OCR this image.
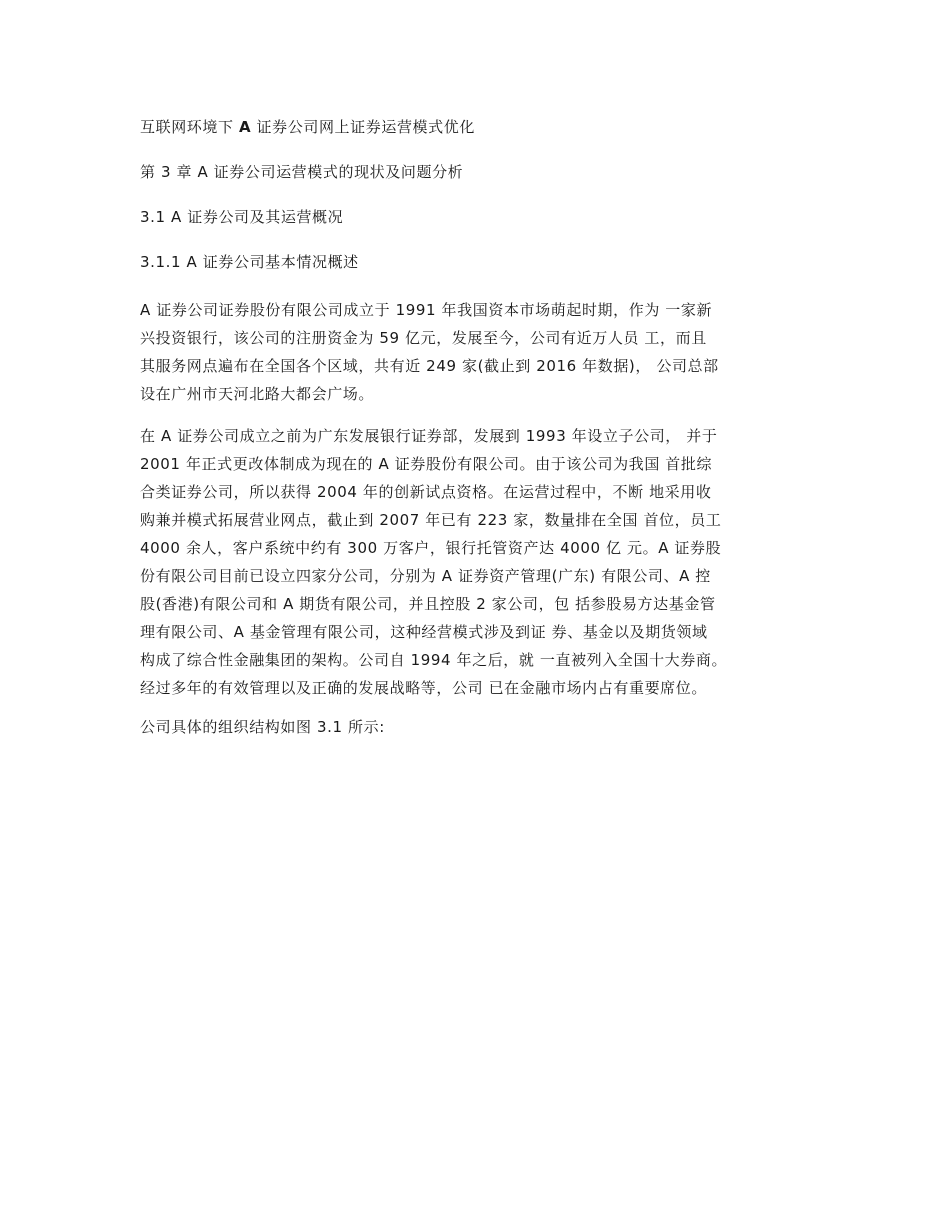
互联网环境下 A 证券公司网上证券运营模式优化

第 3 章 A 证券公司运营模式的现状及问题分析

3.1 A 证券公司及其运营概况

3.1.1 A 证券公司基本情况概述

A 证券公司证券股份有限公司成立于 1991 年我国资本市场萌起时期，作为 一家新
兴投资银行，该公司的注册资金为 59 亿元，发展至今，公司有近万人员 工，而且
其服务网点遍布在全国各个区域，共有近 249 家(截止到 2016 年数据)， 公司总部
设在广州市天河北路大都会广场。
在 A 证券公司成立之前为广东发展银行证券部，发展到 1993 年设立子公司， 并于
2001 年正式更改体制成为现在的 A 证券股份有限公司。由于该公司为我国 首批综
合类证券公司，所以获得 2004 年的创新试点资格。在运营过程中，不断 地采用收
购兼并模式拓展营业网点，截止到 2007 年已有 223 家，数量排在全国 首位，员工
4000 余人，客户系统中约有 300 万客户，银行托管资产达 4000 亿 元。A 证券股
份有限公司目前已设立四家分公司，分别为 A 证券资产管理(广东) 有限公司、A 控
股(香港)有限公司和 A 期货有限公司，并且控股 2 家公司，包 括参股易方达基金管
理有限公司、A 基金管理有限公司，这种经营模式涉及到证 券、基金以及期货领域
构成了综合性金融集团的架构。公司自 1994 年之后，就 一直被列入全国十大券商。
经过多年的有效管理以及正确的发展战略等，公司 已在金融市场内占有重要席位。

公司具体的组织结构如图 3.1 所示:
